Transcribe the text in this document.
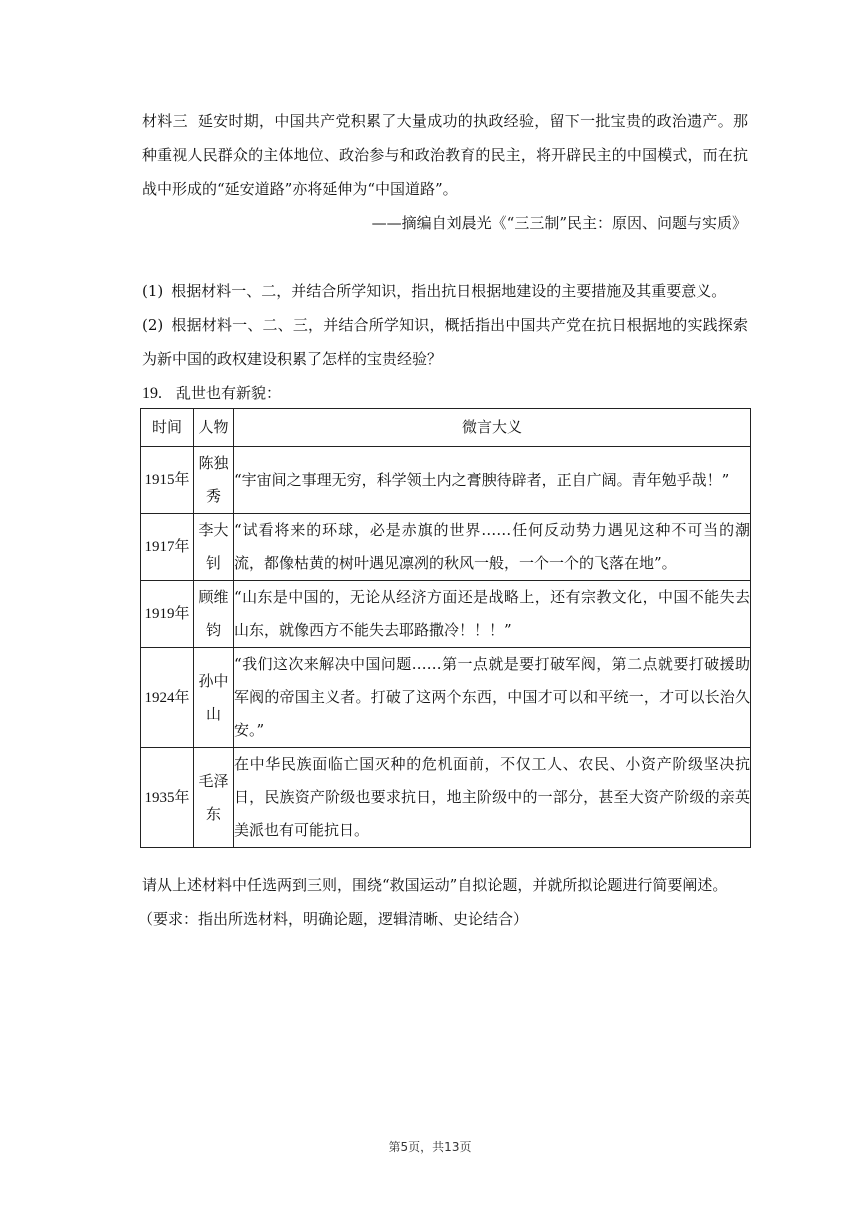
材料三 延安时期，中国共产党积累了大量成功的执政经验，留下一批宝贵的政治遗产。那种重视人民群众的主体地位、政治参与和政治教育的民主，将开辟民主的中国模式，而在抗战中形成的“延安道路”亦将延伸为“中国道路”。

——摘编自刘晨光《“三三制”民主：原因、问题与实质》

(1) 根据材料一、二，并结合所学知识，指出抗日根据地建设的主要措施及其重要意义。

(2) 根据材料一、二、三，并结合所学知识，概括指出中国共产党在抗日根据地的实践探索为新中国的政权建设积累了怎样的宝贵经验？

19. 乱世也有新貌：

时间	人物	微言大义
1915年	陈独秀	“宇宙间之事理无穷，科学领土内之膏腴待辟者，正自广阔。青年勉乎哉！”
1917年	李大钊	“试看将来的环球，必是赤旗的世界……任何反动势力遇见这种不可当的潮流，都像枯黄的树叶遇见凛冽的秋风一般，一个一个的飞落在地”。
1919年	顾维钧	“山东是中国的，无论从经济方面还是战略上，还有宗教文化，中国不能失去山东，就像西方不能失去耶路撒冷！！！”
1924年	孙中山	“我们这次来解决中国问题……第一点就是要打破军阀，第二点就要打破援助军阀的帝国主义者。打破了这两个东西，中国才可以和平统一，才可以长治久安。”
1935年	毛泽东	在中华民族面临亡国灭种的危机面前，不仅工人、农民、小资产阶级坚决抗日，民族资产阶级也要求抗日，地主阶级中的一部分，甚至大资产阶级的亲英美派也有可能抗日。

请从上述材料中任选两到三则，围绕“救国运动”自拟论题，并就所拟论题进行简要阐述。

（要求：指出所选材料，明确论题，逻辑清晰、史论结合）

第5页，共13页
